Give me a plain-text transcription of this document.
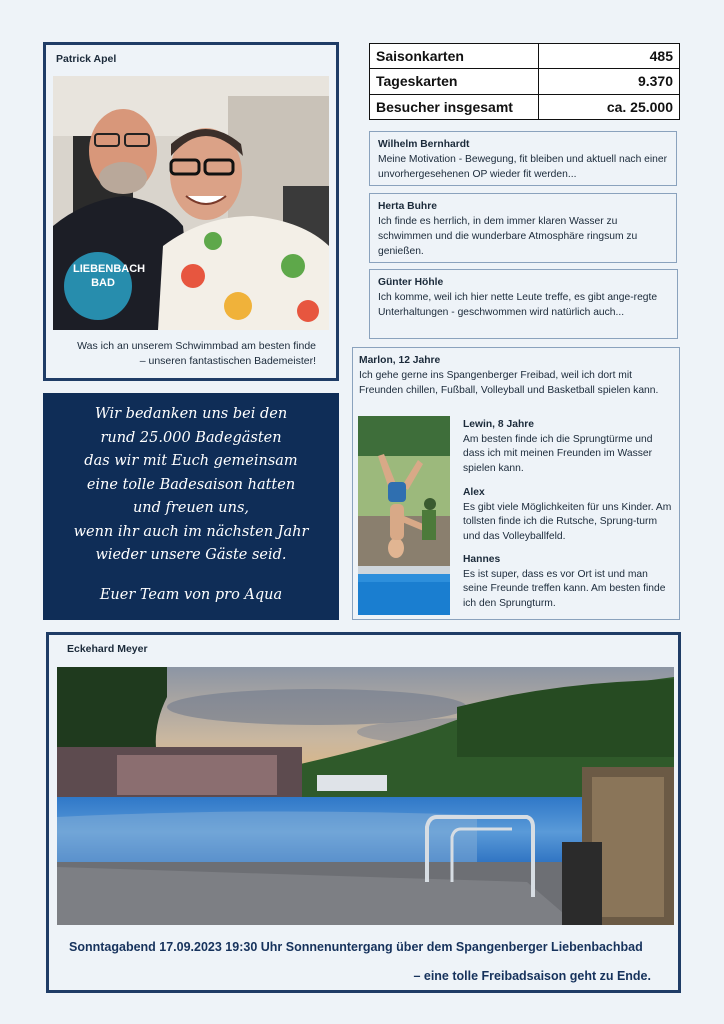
Patrick Apel
LIEBENBACH
BAD
Was ich an unserem Schwimmbad am besten finde
– unseren fantastischen Bademeister!
Saisonkarten	485
Tageskarten	9.370
Besucher insgesamt	ca. 25.000
Wilhelm Bernhardt
Meine Motivation - Bewegung, fit bleiben und aktuell nach einer unvorhergesehenen OP wieder fit werden...
Herta Buhre
Ich finde es herrlich, in dem immer klaren Wasser zu schwimmen und die wunderbare Atmosphäre ringsum zu genießen.
Günter Höhle
Ich komme, weil ich hier nette Leute treffe, es gibt ange-regte Unterhaltungen - geschwommen wird natürlich auch...
Wir bedanken uns bei den
rund 25.000 Badegästen
das wir mit Euch gemeinsam
eine tolle Badesaison hatten
und freuen uns,
wenn ihr auch im nächsten Jahr
wieder unsere Gäste seid.
Euer Team von pro Aqua
Marlon, 12 Jahre
Ich gehe gerne ins Spangenberger Freibad, weil ich dort mit Freunden chillen, Fußball, Volleyball und Basketball spielen kann.
Lewin, 8 Jahre
Am besten finde ich die Sprungtürme und dass ich mit meinen Freunden im Wasser spielen kann.
Alex
Es gibt viele Möglichkeiten für uns Kinder. Am tollsten finde ich die Rutsche, Sprung-turm und das Volleyballfeld.
Hannes
Es ist super, dass es vor Ort ist und man seine Freunde treffen kann. Am besten finde ich den Sprungturm.
Eckehard Meyer
Sonntagabend 17.09.2023 19:30 Uhr Sonnenuntergang über dem Spangenberger Liebenbachbad
– eine tolle Freibadsaison geht zu Ende.
